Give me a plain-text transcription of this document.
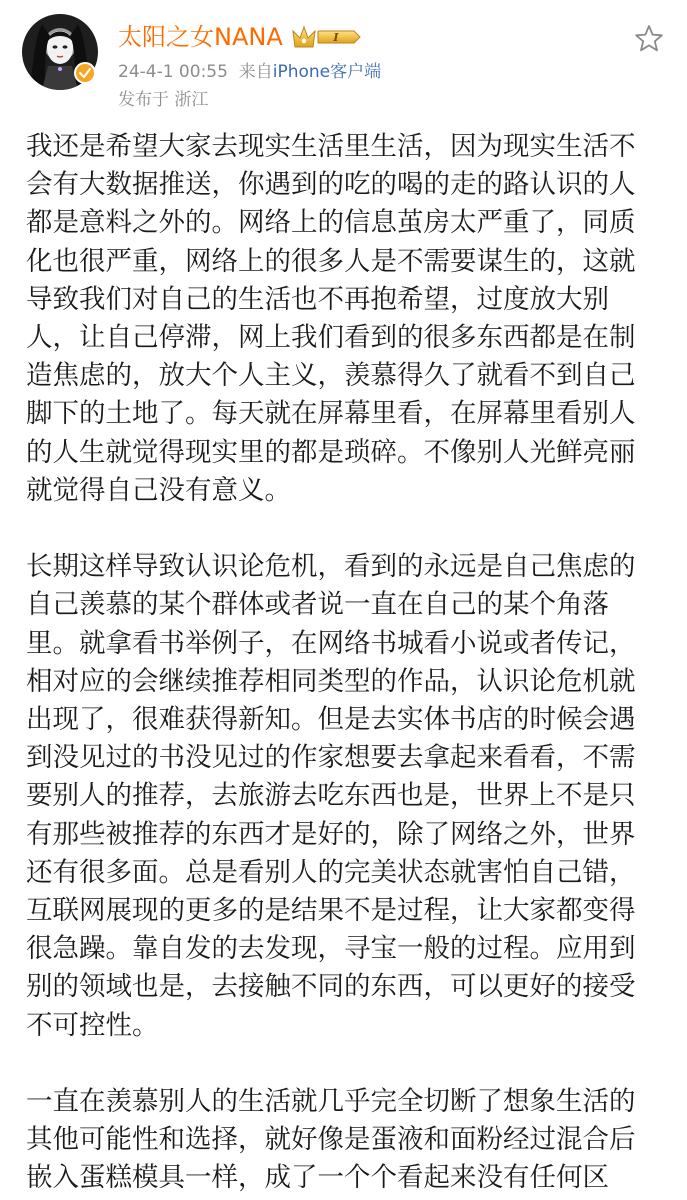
太阳之女NANA	I
24-4-1 00:55 来自iPhone客户端
发布于 浙江
我还是希望大家去现实生活里生活，因为现实生活不
会有大数据推送，你遇到的吃的喝的走的路认识的人
都是意料之外的。网络上的信息茧房太严重了，同质
化也很严重，网络上的很多人是不需要谋生的，这就
导致我们对自己的生活也不再抱希望，过度放大别
人，让自己停滞，网上我们看到的很多东西都是在制
造焦虑的，放大个人主义，羡慕得久了就看不到自己
脚下的土地了。每天就在屏幕里看，在屏幕里看别人
的人生就觉得现实里的都是琐碎。不像别人光鲜亮丽
就觉得自己没有意义。

长期这样导致认识论危机，看到的永远是自己焦虑的
自己羡慕的某个群体或者说一直在自己的某个角落
里。就拿看书举例子，在网络书城看小说或者传记，
相对应的会继续推荐相同类型的作品，认识论危机就
出现了，很难获得新知。但是去实体书店的时候会遇
到没见过的书没见过的作家想要去拿起来看看，不需
要别人的推荐，去旅游去吃东西也是，世界上不是只
有那些被推荐的东西才是好的，除了网络之外，世界
还有很多面。总是看别人的完美状态就害怕自己错，
互联网展现的更多的是结果不是过程，让大家都变得
很急躁。靠自发的去发现，寻宝一般的过程。应用到
别的领域也是，去接触不同的东西，可以更好的接受
不可控性。

一直在羡慕别人的生活就几乎完全切断了想象生活的
其他可能性和选择，就好像是蛋液和面粉经过混合后
嵌入蛋糕模具一样，成了一个个看起来没有任何区
